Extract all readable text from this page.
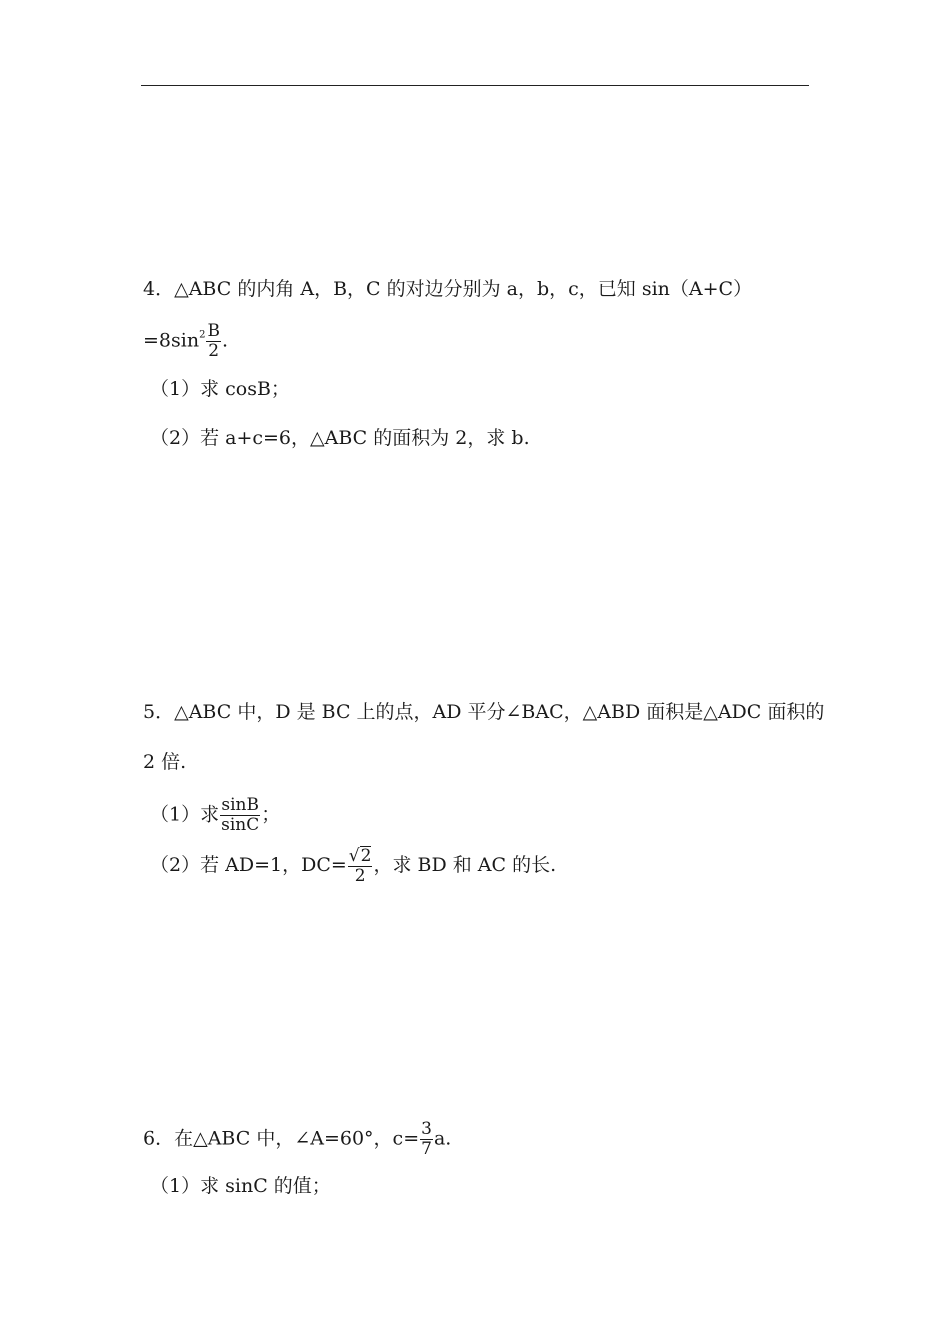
4．△ABC 的内角 A，B，C 的对边分别为 a，b，c，已知 sin（A+C）
$=8\sin^2 \frac{B}{2}$ .
（1）求 cosB；
（2）若 a+c=6，△ABC 的面积为 2，求 b.
5．△ABC 中，D 是 BC 上的点，AD 平分∠BAC，△ABD 面积是△ADC 面积的
2 倍.
（1）求 $\frac{\sin B}{\sin C}$ ；
（2）若 AD=1，$DC= \frac{√2}{2}$ ，求 BD 和 AC 的长.
6．在△ABC 中，∠A=60°，$c= \frac{3}{7} a$.
（1）求 sinC 的值；
